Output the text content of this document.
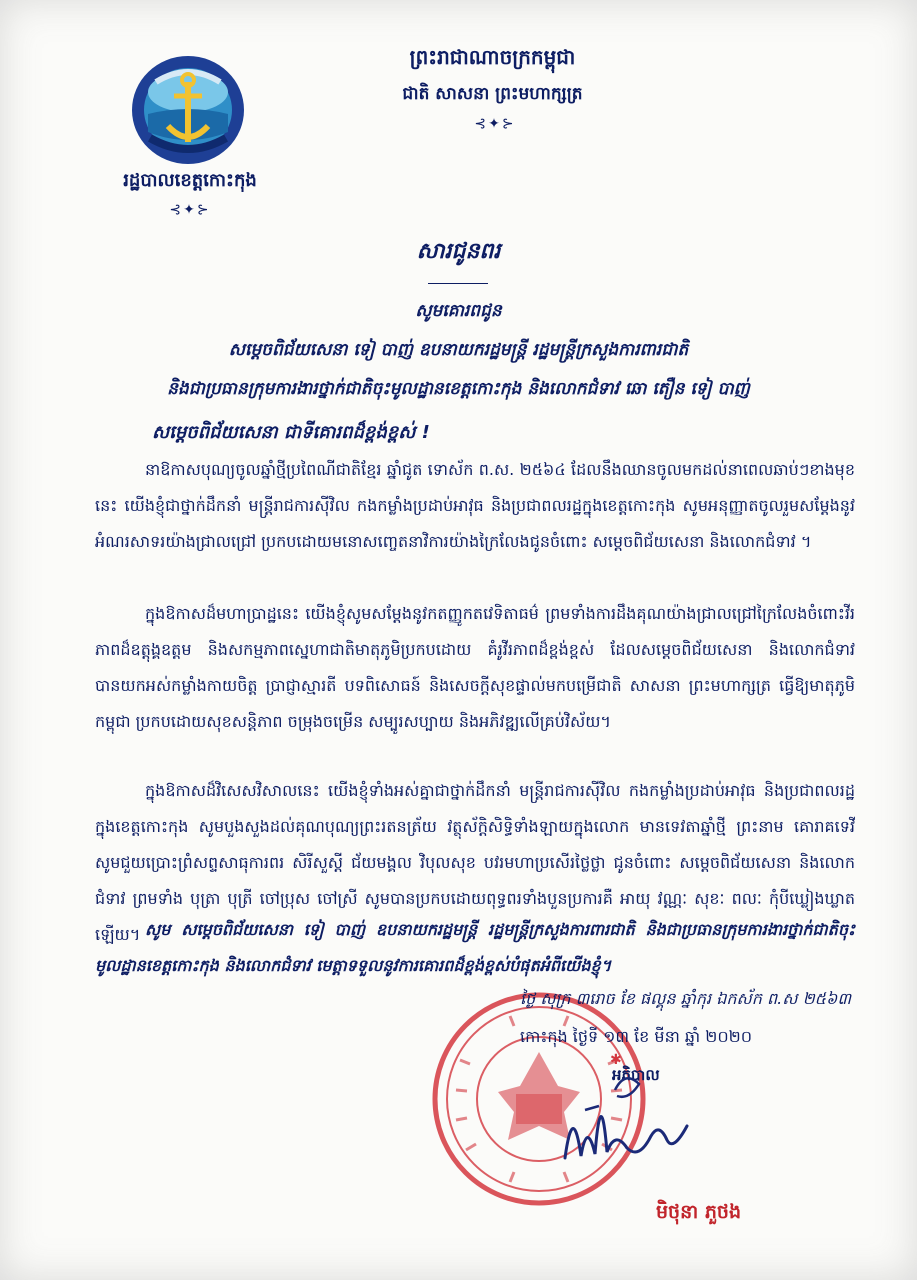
រដ្ឋបាលខេត្តកោះកុង
⊰✦⊱
ព្រះរាជាណាចក្រកម្ពុជា
ជាតិ សាសនា ព្រះមហាក្សត្រ
⊰✦⊱
សារជូនពរ
សូមគោរពជូន
សម្ដេចពិជ័យសេនា ទៀ បាញ់ ឧបនាយករដ្ឋមន្ត្រី រដ្ឋមន្ត្រីក្រសួងការពារជាតិ
និងជាប្រធានក្រុមការងារថ្នាក់ជាតិចុះមូលដ្ឋានខេត្តកោះកុង និងលោកជំទាវ ឆោ តឿន ទៀ បាញ់
សម្ដេចពិជ័យសេនា ជាទីគោរពដ៏ខ្ពង់ខ្ពស់ !
នាឱកាសបុណ្យចូលឆ្នាំថ្មីប្រពៃណីជាតិខ្មែរ ឆ្នាំជូត ទោស័ក ព.ស. ២៥៦៤ ដែលនឹងឈានចូលមកដល់នាពេលឆាប់ៗខាងមុខនេះ យើងខ្ញុំជាថ្នាក់ដឹកនាំ មន្ត្រីរាជការស៊ីវិល កងកម្លាំងប្រដាប់អាវុធ និងប្រជាពលរដ្ឋក្នុងខេត្តកោះកុង សូមអនុញ្ញាតចូលរួមសម្ដែងនូវអំណរសាទរយ៉ាងជ្រាលជ្រៅ ប្រកបដោយមនោសញ្ចេតនាវិការយ៉ាងក្រៃលែងជូនចំពោះ សម្ដេចពិជ័យសេនា និងលោកជំទាវ ។
ក្នុងឱកាសដ៏មហាប្រាដ្ឋនេះ យើងខ្ញុំសូមសម្ដែងនូវកតញ្ញូកតវេទិតាធម៌ ព្រមទាំងការដឹងគុណយ៉ាងជ្រាលជ្រៅក្រៃលែងចំពោះវីរភាពដ៏ឧត្ដុង្គឧត្ដម និងសកម្មភាពស្នេហាជាតិមាតុភូមិប្រកបដោយ គំរូវីរភាពដ៏ខ្ពង់ខ្ពស់ ដែលសម្ដេចពិជ័យសេនា និងលោកជំទាវ បានយកអស់កម្លាំងកាយចិត្ត ប្រាជ្ញាស្មារតី បទពិសោធន៍ និងសេចក្ដីសុខផ្ទាល់មកបម្រើជាតិ សាសនា ព្រះមហាក្សត្រ ធ្វើឱ្យមាតុភូមិកម្ពុជា ប្រកបដោយសុខសន្តិភាព ចម្រុងចម្រើន សម្បូរសប្បាយ និងអភិវឌ្ឍលើគ្រប់វិស័យ។
ក្នុងឱកាសដ៏វិសេសវិសាលនេះ យើងខ្ញុំទាំងអស់គ្នាជាថ្នាក់ដឹកនាំ មន្ត្រីរាជការស៊ីវិល កងកម្លាំងប្រដាប់អាវុធ និងប្រជាពលរដ្ឋក្នុងខេត្តកោះកុង សូមបួងសួងដល់គុណបុណ្យព្រះរតនត្រ័យ វត្ថុស័ក្តិសិទ្ធិទាំងឡាយក្នុងលោក មានទេវតាឆ្នាំថ្មី ព្រះនាម គោរាគទេវី សូមជួយប្រោះព្រំសព្ទសាធុការពរ សិរីសួស្តី ជ័យមង្គល វិបុលសុខ បវរមហាប្រសើរថ្លៃថ្លា ជូនចំពោះ សម្ដេចពិជ័យសេនា និងលោកជំទាវ ព្រមទាំង បុត្រា បុត្រី ចៅប្រុស ចៅស្រី សូមបានប្រកបដោយពុទ្ធពរទាំងបួនប្រការគឺ អាយុ វណ្ណៈ សុខៈ ពលៈ កុំបីឃ្លៀងឃ្លាតឡើយ។ សូម សម្ដេចពិជ័យសេនា ទៀ បាញ់ ឧបនាយករដ្ឋមន្ត្រី រដ្ឋមន្ត្រីក្រសួងការពារជាតិ និងជាប្រធានក្រុមការងារថ្នាក់ជាតិចុះមូលដ្ឋានខេត្តកោះកុង និងលោកជំទាវ មេត្តាទទួលនូវការគោរពដ៏ខ្ពង់ខ្ពស់បំផុតអំពីយើងខ្ញុំ។
✱
ថ្ងៃ សុក្រ ៣រោច ខែ ផល្គុន ឆ្នាំកុរ ឯកស័ក ព.ស ២៥៦៣
កោះកុង ថ្ងៃទី ១៣ ខែ មីនា ឆ្នាំ ២០២០
អភិបាល
មិថុនា ភួថង
